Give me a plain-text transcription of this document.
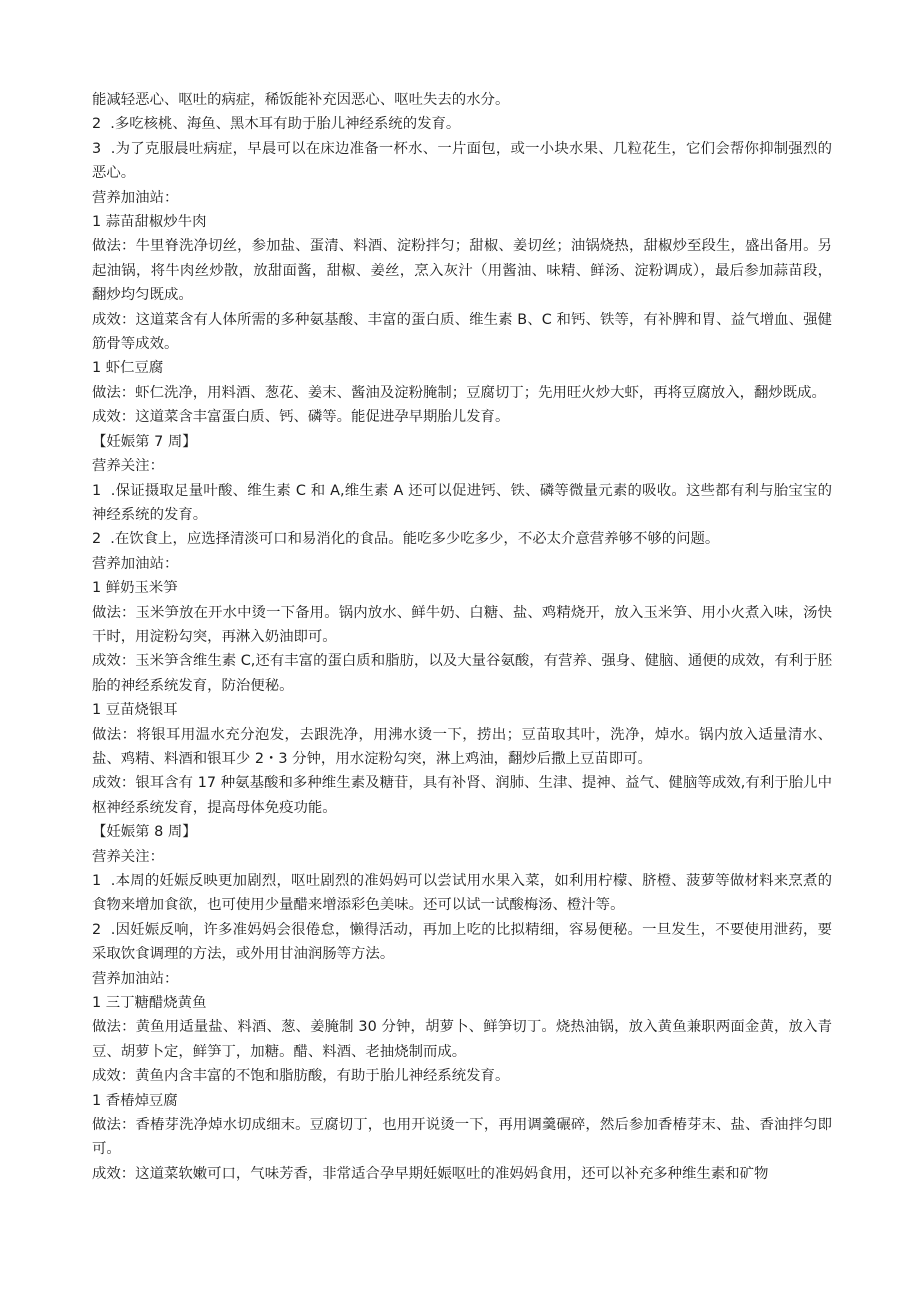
能减轻恶心、呕吐的病症，稀饭能补充因恶心、呕吐失去的水分。

2  .多吃核桃、海鱼、黑木耳有助于胎儿神经系统的发育。

3  .为了克服晨吐病症，早晨可以在床边准备一杯水、一片面包，或一小块水果、几粒花生，它们会帮你抑制强烈的恶心。

营养加油站：

1 蒜苗甜椒炒牛肉

做法：牛里脊洗净切丝，参加盐、蛋清、料酒、淀粉拌匀；甜椒、姜切丝；油锅烧热，甜椒炒至段生，盛出备用。另起油锅，将牛肉丝炒散，放甜面酱，甜椒、姜丝，烹入灰汁（用酱油、味精、鲜汤、淀粉调成），最后参加蒜苗段，翻炒均匀既成。

成效：这道菜含有人体所需的多种氨基酸、丰富的蛋白质、维生素 B、C 和钙、铁等，有补脾和胃、益气增血、强健筋骨等成效。

1 虾仁豆腐

做法：虾仁洗净，用料酒、葱花、姜末、酱油及淀粉腌制；豆腐切丁；先用旺火炒大虾，再将豆腐放入，翻炒既成。

成效：这道菜含丰富蛋白质、钙、磷等。能促进孕早期胎儿发育。

【妊娠第 7 周】

营养关注：

1  .保证摄取足量叶酸、维生素 C 和 A,维生素 A 还可以促进钙、铁、磷等微量元素的吸收。这些都有利与胎宝宝的神经系统的发育。

2  .在饮食上，应选择清淡可口和易消化的食品。能吃多少吃多少，不必太介意营养够不够的问题。

营养加油站：

1 鲜奶玉米笋

做法：玉米笋放在开水中烫一下备用。锅内放水、鲜牛奶、白糖、盐、鸡精烧开，放入玉米笋、用小火煮入味，汤快干时，用淀粉勾突，再淋入奶油即可。

成效：玉米笋含维生素 C,还有丰富的蛋白质和脂肪，以及大量谷氨酸，有营养、强身、健脑、通便的成效，有利于胚胎的神经系统发育，防治便秘。

1 豆苗烧银耳

做法：将银耳用温水充分泡发，去跟洗净，用沸水烫一下，捞出；豆苗取其叶，洗净，焯水。锅内放入适量清水、盐、鸡精、料酒和银耳少 2・3 分钟，用水淀粉勾突，淋上鸡油，翻炒后撒上豆苗即可。

成效：银耳含有 17 种氨基酸和多种维生素及糖苷，具有补肾、润肺、生津、提神、益气、健脑等成效,有利于胎儿中枢神经系统发育，提高母体免疫功能。

【妊娠第 8 周】

营养关注：

1  .本周的妊娠反映更加剧烈，呕吐剧烈的准妈妈可以尝试用水果入菜，如利用柠檬、脐橙、菠萝等做材料来烹煮的食物来增加食欲，也可使用少量醋来增添彩色美味。还可以试一试酸梅汤、橙汁等。

2  .因妊娠反响，许多准妈妈会很倦怠，懒得活动，再加上吃的比拟精细，容易便秘。一旦发生，不要使用泄药，要采取饮食调理的方法，或外用甘油润肠等方法。

营养加油站：

1 三丁糖醋烧黄鱼

做法：黄鱼用适量盐、料酒、葱、姜腌制 30 分钟，胡萝卜、鲜笋切丁。烧热油锅，放入黄鱼兼职两面金黄，放入青豆、胡萝卜定，鲜笋丁，加糖。醋、料酒、老抽烧制而成。

成效：黄鱼内含丰富的不饱和脂肪酸，有助于胎儿神经系统发育。

1 香椿焯豆腐

做法：香椿芽洗净焯水切成细末。豆腐切丁，也用开说烫一下，再用调羹碾碎，然后参加香椿芽末、盐、香油拌匀即可。

成效：这道菜软嫩可口，气味芳香，非常适合孕早期妊娠呕吐的准妈妈食用，还可以补充多种维生素和矿物
